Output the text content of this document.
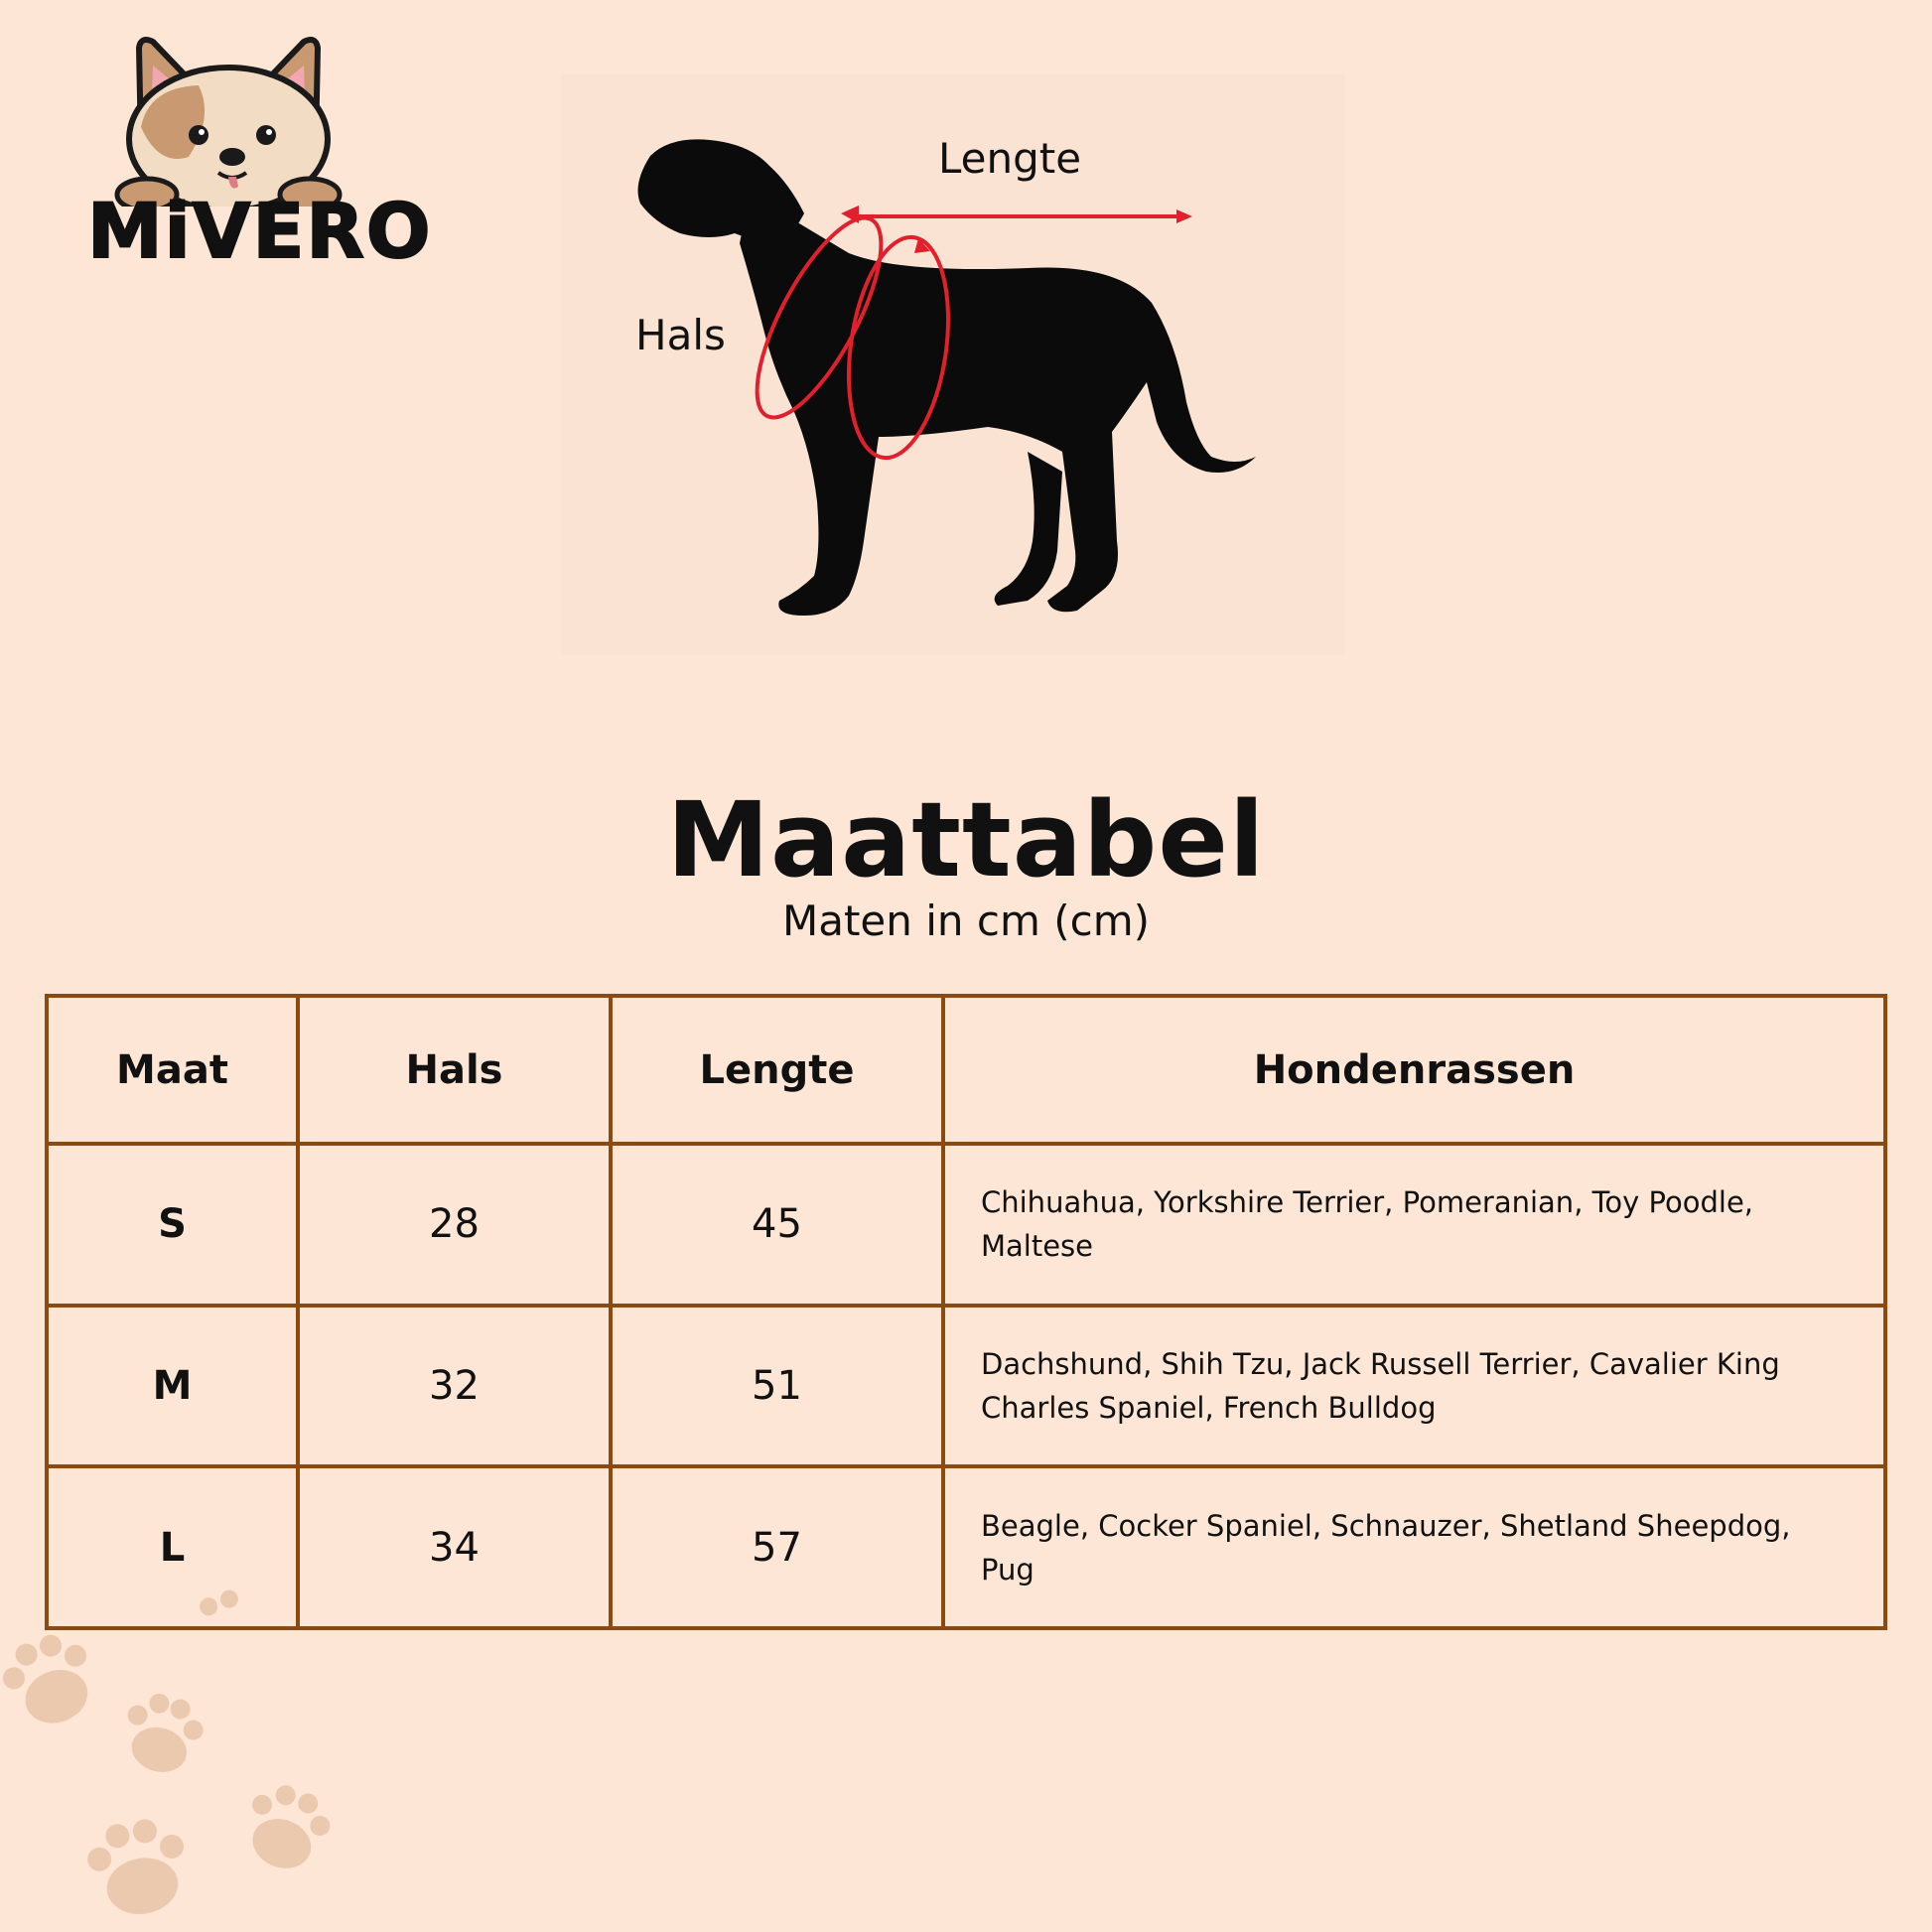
MiVERO
Lengte
Hals
Maattabel
Maten in cm (cm)
Maat	Hals	Lengte	Hondenrassen
S	28	45	Chihuahua, Yorkshire Terrier, Pomeranian, Toy Poodle, Maltese
M	32	51	Dachshund, Shih Tzu, Jack Russell Terrier, Cavalier King Charles Spaniel, French Bulldog
L	34	57	Beagle, Cocker Spaniel, Schnauzer, Shetland Sheepdog, Pug
